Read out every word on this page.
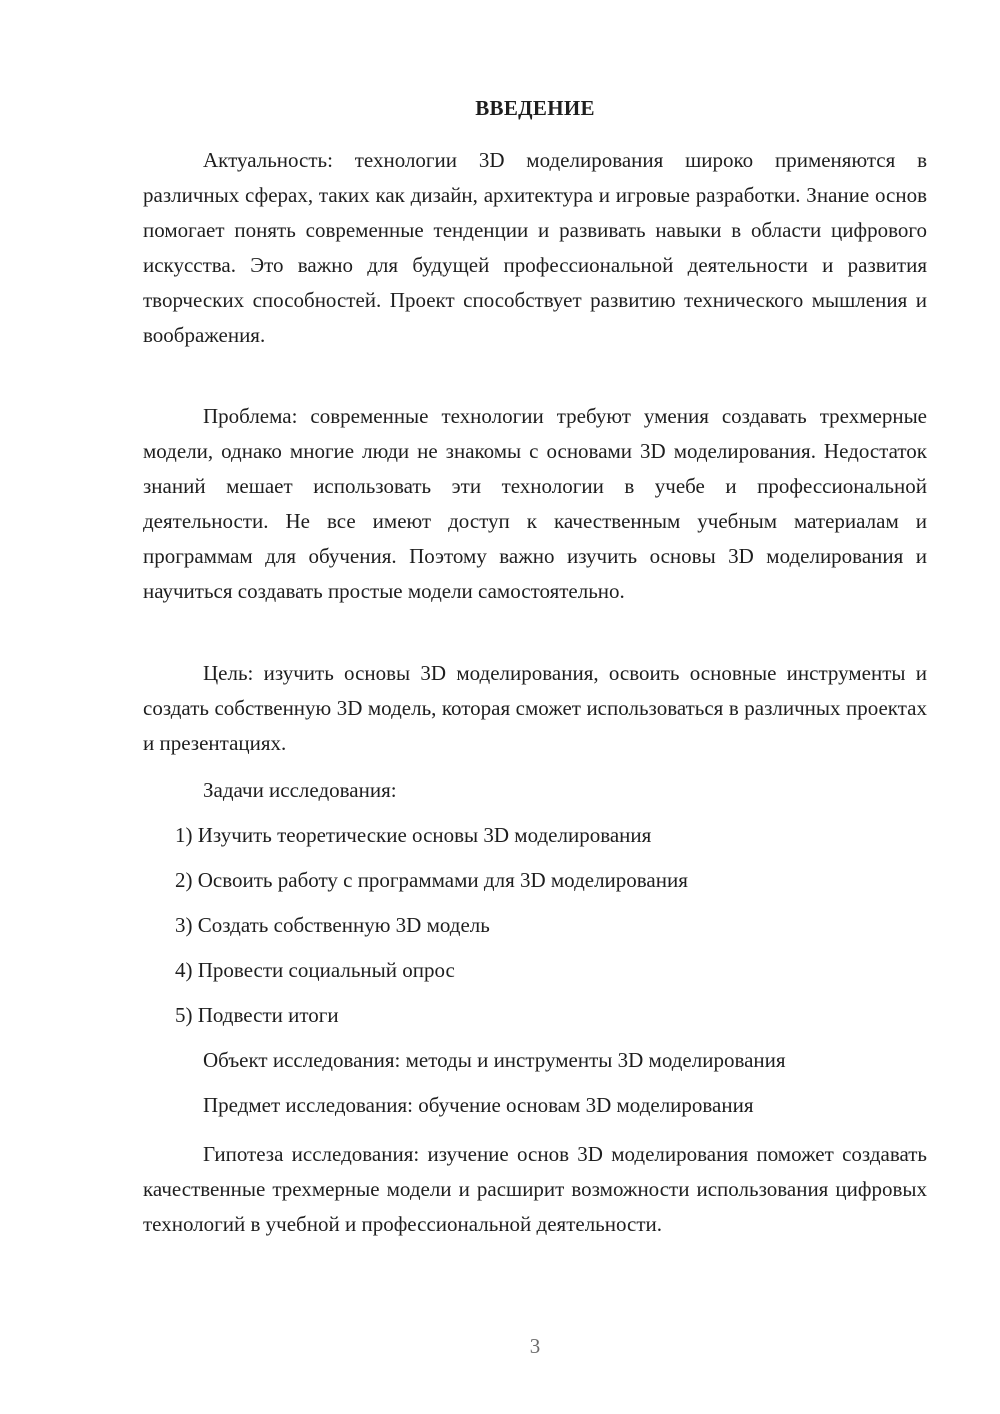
ВВЕДЕНИЕ

Актуальность: технологии 3D моделирования широко применяются в различных сферах, таких как дизайн, архитектура и игровые разработки. Знание основ помогает понять современные тенденции и развивать навыки в области цифрового искусства. Это важно для будущей профессиональной деятельности и развития творческих способностей. Проект способствует развитию технического мышления и воображения.

Проблема: современные технологии требуют умения создавать трехмерные модели, однако многие люди не знакомы с основами 3D моделирования. Недостаток знаний мешает использовать эти технологии в учебе и профессиональной деятельности. Не все имеют доступ к качественным учебным материалам и программам для обучения. Поэтому важно изучить основы 3D моделирования и научиться создавать простые модели самостоятельно.

Цель: изучить основы 3D моделирования, освоить основные инструменты и создать собственную 3D модель, которая сможет использоваться в различных проектах и презентациях.

Задачи исследования:

1) Изучить теоретические основы 3D моделирования
2) Освоить работу с программами для 3D моделирования
3) Создать собственную 3D модель
4) Провести социальный опрос
5) Подвести итоги

Объект исследования: методы и инструменты 3D моделирования

Предмет исследования: обучение основам 3D моделирования

Гипотеза исследования: изучение основ 3D моделирования поможет создавать качественные трехмерные модели и расширит возможности использования цифровых технологий в учебной и профессиональной деятельности.

3
